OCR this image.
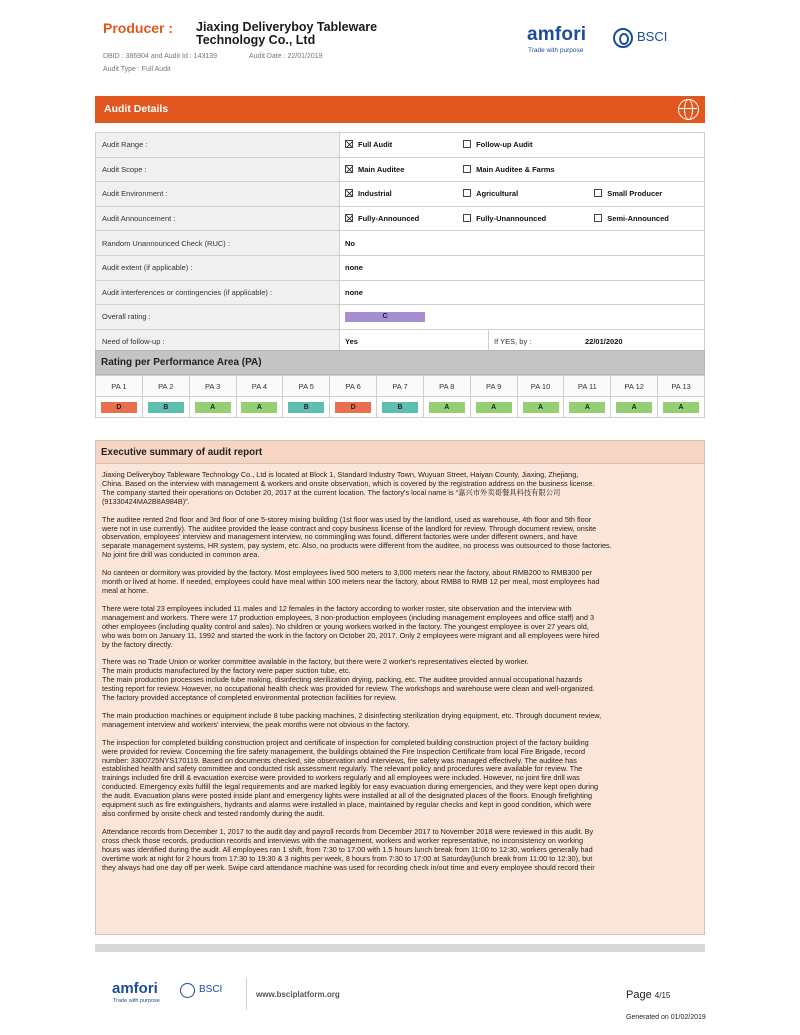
Producer : Jiaxing Deliveryboy Tableware Technology Co., Ltd
DBID : 386904 and Audit Id : 143139	Audit Date : 22/01/2019
Audit Type : Full Audit
amfori	BSCI
Trade with purpose
Audit Details
Audit Range :	Full Audit Follow-up Audit
Audit Scope :	Main Auditee Main Auditee & Farms
Audit Environment :	Industrial Agricultural Small Producer
Audit Announcement :	Fully-Announced Fully-Unannounced Semi-Announced
Random Unannounced Check (RUC) :	No
Audit extent (if applicable) :	none
Audit interferences or contingencies (if applicable) :	none
Overall rating :	C
Need of follow-up :	Yes If YES, by : 22/01/2020
Rating per Performance Area (PA)
PA 1	PA 2	PA 3	PA 4	PA 5	PA 6	PA 7	PA 8	PA 9	PA 10	PA 11	PA 12	PA 13
D	B	A	A	B	D	B	A	A	A	A	A	A
Executive summary of audit report

Jiaxing Deliveryboy Tableware Technology Co., Ltd is located at Block 1, Standard Industry Town, Wuyuan Street, Haiyan County, Jiaxing, Zhejiang,
China. Based on the interview with management & workers and onsite observation, which is covered by the registration address on the business license.
The company started their operations on October 20, 2017 at the current location. The factory's local name is “嘉兴市外卖哥餐具科技有限公司
(91330424MA2B8A984B)”.

The auditee rented 2nd floor and 3rd floor of one 5-storey mixing building (1st floor was used by the landlord, used as warehouse, 4th floor and 5th floor
were not in use currently). The auditee provided the lease contract and copy business license of the landlord for review. Through document review, onsite
observation, employees' interview and management interview, no commingling was found, different factories were under different owners, and have
separate management systems, HR system, pay system, etc. Also, no products were different from the auditee, no process was outsourced to those factories.
No joint fire drill was conducted in common area.

No canteen or dormitory was provided by the factory. Most employees lived 500 meters to 3,000 meters near the factory, about RMB200 to RMB300 per
month or lived at home. If needed, employees could have meal within 100 meters near the factory, about RMB8 to RMB 12 per meal, most employees had
meal at home.

There were total 23 employees included 11 males and 12 females in the factory according to worker roster, site observation and the interview with
management and workers. There were 17 production employees, 3 non-production employees (including management employees and office staff) and 3
other employees (including quality control and sales). No children or young workers worked in the factory. The youngest employee is over 27 years old,
who was born on January 11, 1992 and started the work in the factory on October 20, 2017. Only 2 employees were migrant and all employees were hired
by the factory directly.

There was no Trade Union or worker committee available in the factory, but there were 2 worker's representatives elected by worker.
The main products manufactured by the factory were paper suction tube, etc.
The main production processes include tube making, disinfecting sterilization drying, packing, etc. The auditee provided annual occupational hazards
testing report for review. However, no occupational health check was provided for review. The workshops and warehouse were clean and well-organized.
The factory provided acceptance of completed environmental protection facilities for review.

The main production machines or equipment include 8 tube packing machines, 2 disinfecting sterilization drying equipment, etc. Through document review,
management interview and workers' interview, the peak months were not obvious in the factory.

The inspection for completed building construction project and certificate of inspection for completed building construction project of the factory building
were provided for review. Concerning the fire safety management, the buildings obtained the Fire Inspection Certificate from local Fire Brigade, record
number: 3300725NYS170119. Based on documents checked, site observation and interviews, fire safety was managed effectively. The auditee has
established health and safety committee and conducted risk assessment regularly. The relevant policy and procedures were available for review. The
trainings included fire drill & evacuation exercise were provided to workers regularly and all employees were included. However, no joint fire drill was
conducted. Emergency exits fulfill the legal requirements and are marked legibly for easy evacuation during emergencies, and they were kept open during
the audit. Evacuation plans were posted inside plant and emergency lights were installed at all of the designated places of the floors. Enough firefighting
equipment such as fire extinguishers, hydrants and alarms were installed in place, maintained by regular checks and kept in good condition, which were
also confirmed by onsite check and tested randomly during the audit.

Attendance records from December 1, 2017 to the audit day and payroll records from December 2017 to November 2018 were reviewed in this audit. By
cross check those records, production records and interviews with the management, workers and worker representative, no inconsistency on working
hours was identified during the audit. All employees ran 1 shift, from 7:30 to 17:00 with 1.5 hours lunch break from 11:00 to 12:30, workers generally had
overtime work at night for 2 hours from 17:30 to 19:30 & 3 nights per week, 8 hours from 7:30 to 17:00 at Saturday(lunch break from 11:00 to 12:30), but
they always had one day off per week. Swipe card attendance machine was used for recording check in/out time and every employee should record their

amfori	BSCI
Trade with purpose
www.bsciplatform.org	Page 4/15
Generated on 01/02/2019
